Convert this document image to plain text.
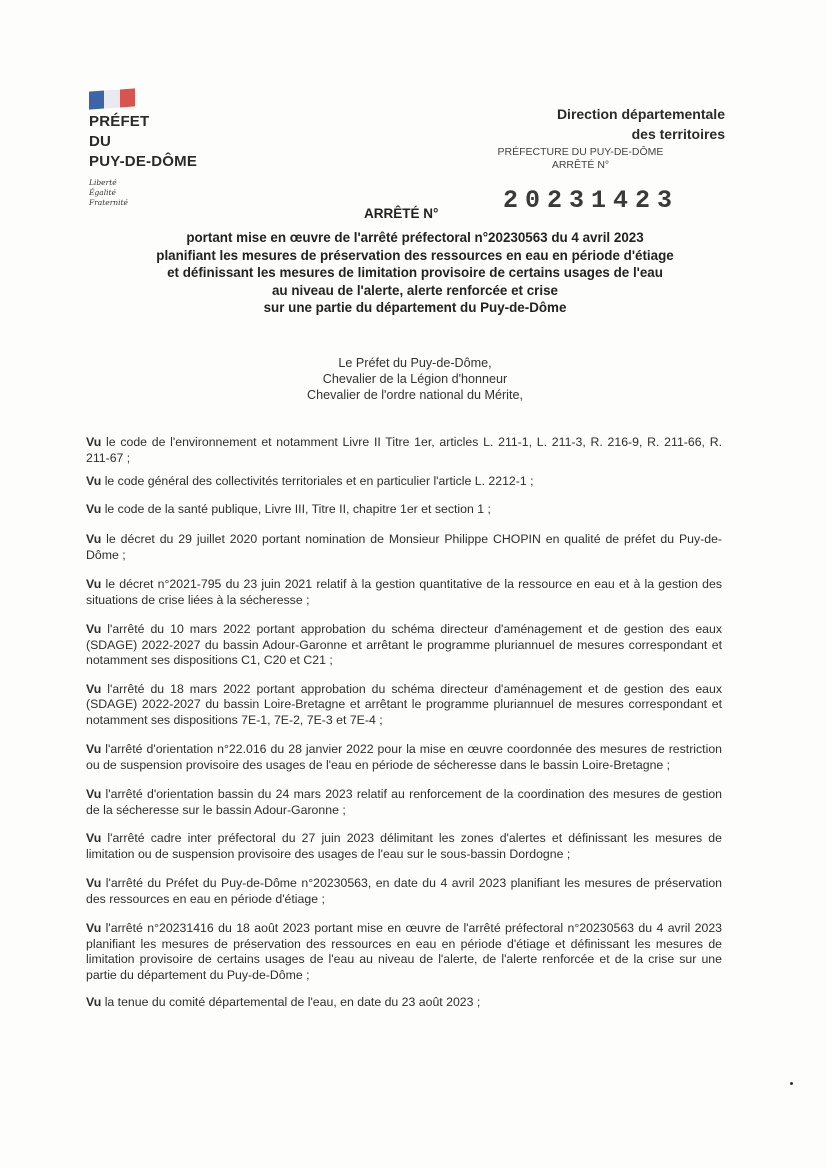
PRÉFET
DU
PUY-DE-DÔME
Liberté
Égalité
Fraternité
Direction départementale
des territoires
PRÉFECTURE DU PUY-DE-DÔME
ARRÊTÉ N°
ARRÊTÉ N°	20231423
portant mise en œuvre de l'arrêté préfectoral n°20230563 du 4 avril 2023
planifiant les mesures de préservation des ressources en eau en période d'étiage
et définissant les mesures de limitation provisoire de certains usages de l'eau
au niveau de l'alerte, alerte renforcée et crise
sur une partie du département du Puy-de-Dôme
Le Préfet du Puy-de-Dôme,
Chevalier de la Légion d'honneur
Chevalier de l'ordre national du Mérite,

Vu le code de l'environnement et notamment Livre II Titre 1er, articles L. 211-1, L. 211-3, R. 216-9, R. 211-66, R. 211-67 ;

Vu le code général des collectivités territoriales et en particulier l'article L. 2212-1 ;

Vu le code de la santé publique, Livre III, Titre II, chapitre 1er et section 1 ;

Vu le décret du 29 juillet 2020 portant nomination de Monsieur Philippe CHOPIN en qualité de préfet du Puy-de-Dôme ;

Vu le décret n°2021-795 du 23 juin 2021 relatif à la gestion quantitative de la ressource en eau et à la gestion des situations de crise liées à la sécheresse ;

Vu l'arrêté du 10 mars 2022 portant approbation du schéma directeur d'aménagement et de gestion des eaux (SDAGE) 2022-2027 du bassin Adour-Garonne et arrêtant le programme pluriannuel de mesures correspondant et notamment ses dispositions C1, C20 et C21 ;

Vu l'arrêté du 18 mars 2022 portant approbation du schéma directeur d'aménagement et de gestion des eaux (SDAGE) 2022-2027 du bassin Loire-Bretagne et arrêtant le programme pluriannuel de mesures correspondant et notamment ses dispositions 7E-1, 7E-2, 7E-3 et 7E-4 ;

Vu l'arrêté d'orientation n°22.016 du 28 janvier 2022 pour la mise en œuvre coordonnée des mesures de restriction ou de suspension provisoire des usages de l'eau en période de sécheresse dans le bassin Loire-Bretagne ;

Vu l'arrêté d'orientation bassin du 24 mars 2023 relatif au renforcement de la coordination des mesures de gestion de la sécheresse sur le bassin Adour-Garonne ;

Vu l'arrêté cadre inter préfectoral du 27 juin 2023 délimitant les zones d'alertes et définissant les mesures de limitation ou de suspension provisoire des usages de l'eau sur le sous-bassin Dordogne ;

Vu l'arrêté du Préfet du Puy-de-Dôme n°20230563, en date du 4 avril 2023 planifiant les mesures de préservation des ressources en eau en période d'étiage ;

Vu l'arrêté n°20231416 du 18 août 2023 portant mise en œuvre de l'arrêté préfectoral n°20230563 du 4 avril 2023 planifiant les mesures de préservation des ressources en eau en période d'étiage et définissant les mesures de limitation provisoire de certains usages de l'eau au niveau de l'alerte, de l'alerte renforcée et de la crise sur une partie du département du Puy-de-Dôme ;

Vu la tenue du comité départemental de l'eau, en date du 23 août 2023 ;
